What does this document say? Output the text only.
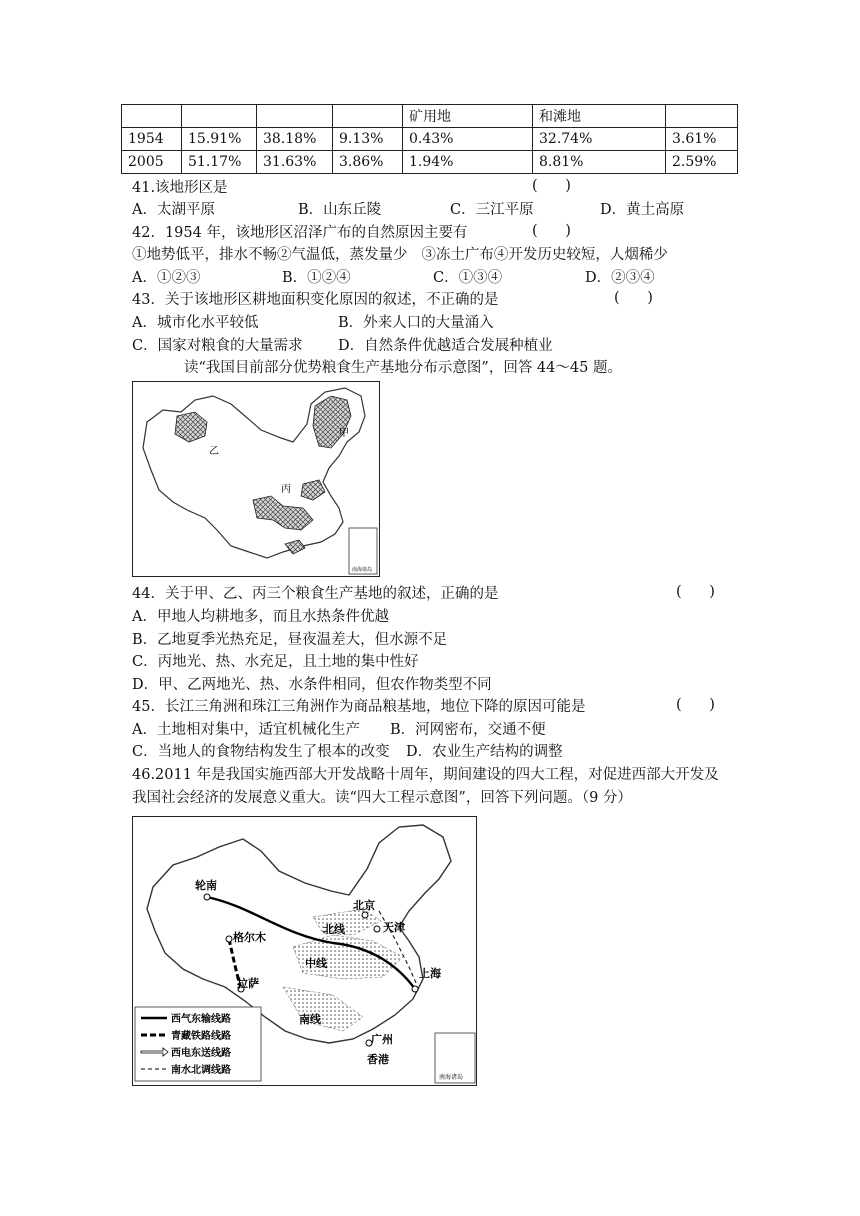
				矿用地	和滩地	
1954	15.91%	38.18%	9.13%	0.43%	32.74%	3.61%
2005	51.17%	31.63%	3.86%	1.94%	8.81%	2.59%
41.该地形区是	(      )
A．太湖平原	B．山东丘陵	C．三江平原	D．黄土高原
42．1954 年，该地形区沼泽广布的自然原因主要有	(      )
①地势低平，排水不畅②气温低，蒸发量少   ③冻土广布④开发历史较短，人烟稀少
A．①②③	B．①②④	C．①③④	D．②③④
43．关于该地形区耕地面积变化原因的叙述，不正确的是	(      )
A．城市化水平较低	B．外来人口的大量涌入
C．国家对粮食的大量需求 D．自然条件优越适合发展种植业
读“我国目前部分优势粮食生产基地分布示意图”，回答 44～45 题。
甲
乙
丙
南海诸岛
44．关于甲、乙、丙三个粮食生产基地的叙述，正确的是	(      )
A．甲地人均耕地多，而且水热条件优越
B．乙地夏季光热充足，昼夜温差大，但水源不足
C．丙地光、热、水充足，且土地的集中性好
D．甲、乙两地光、热、水条件相同，但农作物类型不同
45．长江三角洲和珠江三角洲作为商品粮基地，地位下降的原因可能是	(      )
A．土地相对集中，适宜机械化生产 B．河网密布，交通不便
C．当地人的食物结构发生了根本的改变 D．农业生产结构的调整
46.2011 年是我国实施西部大开发战略十周年，期间建设的四大工程，对促进西部大开发及
我国社会经济的发展意义重大。读“四大工程示意图”，回答下列问题。（9 分）
轮南
格尔木
拉萨
北京
天津
上海
广州
香港
北线
中线
南线
西气东输线路
青藏铁路线路
西电东送线路
南水北调线路
南海诸岛
